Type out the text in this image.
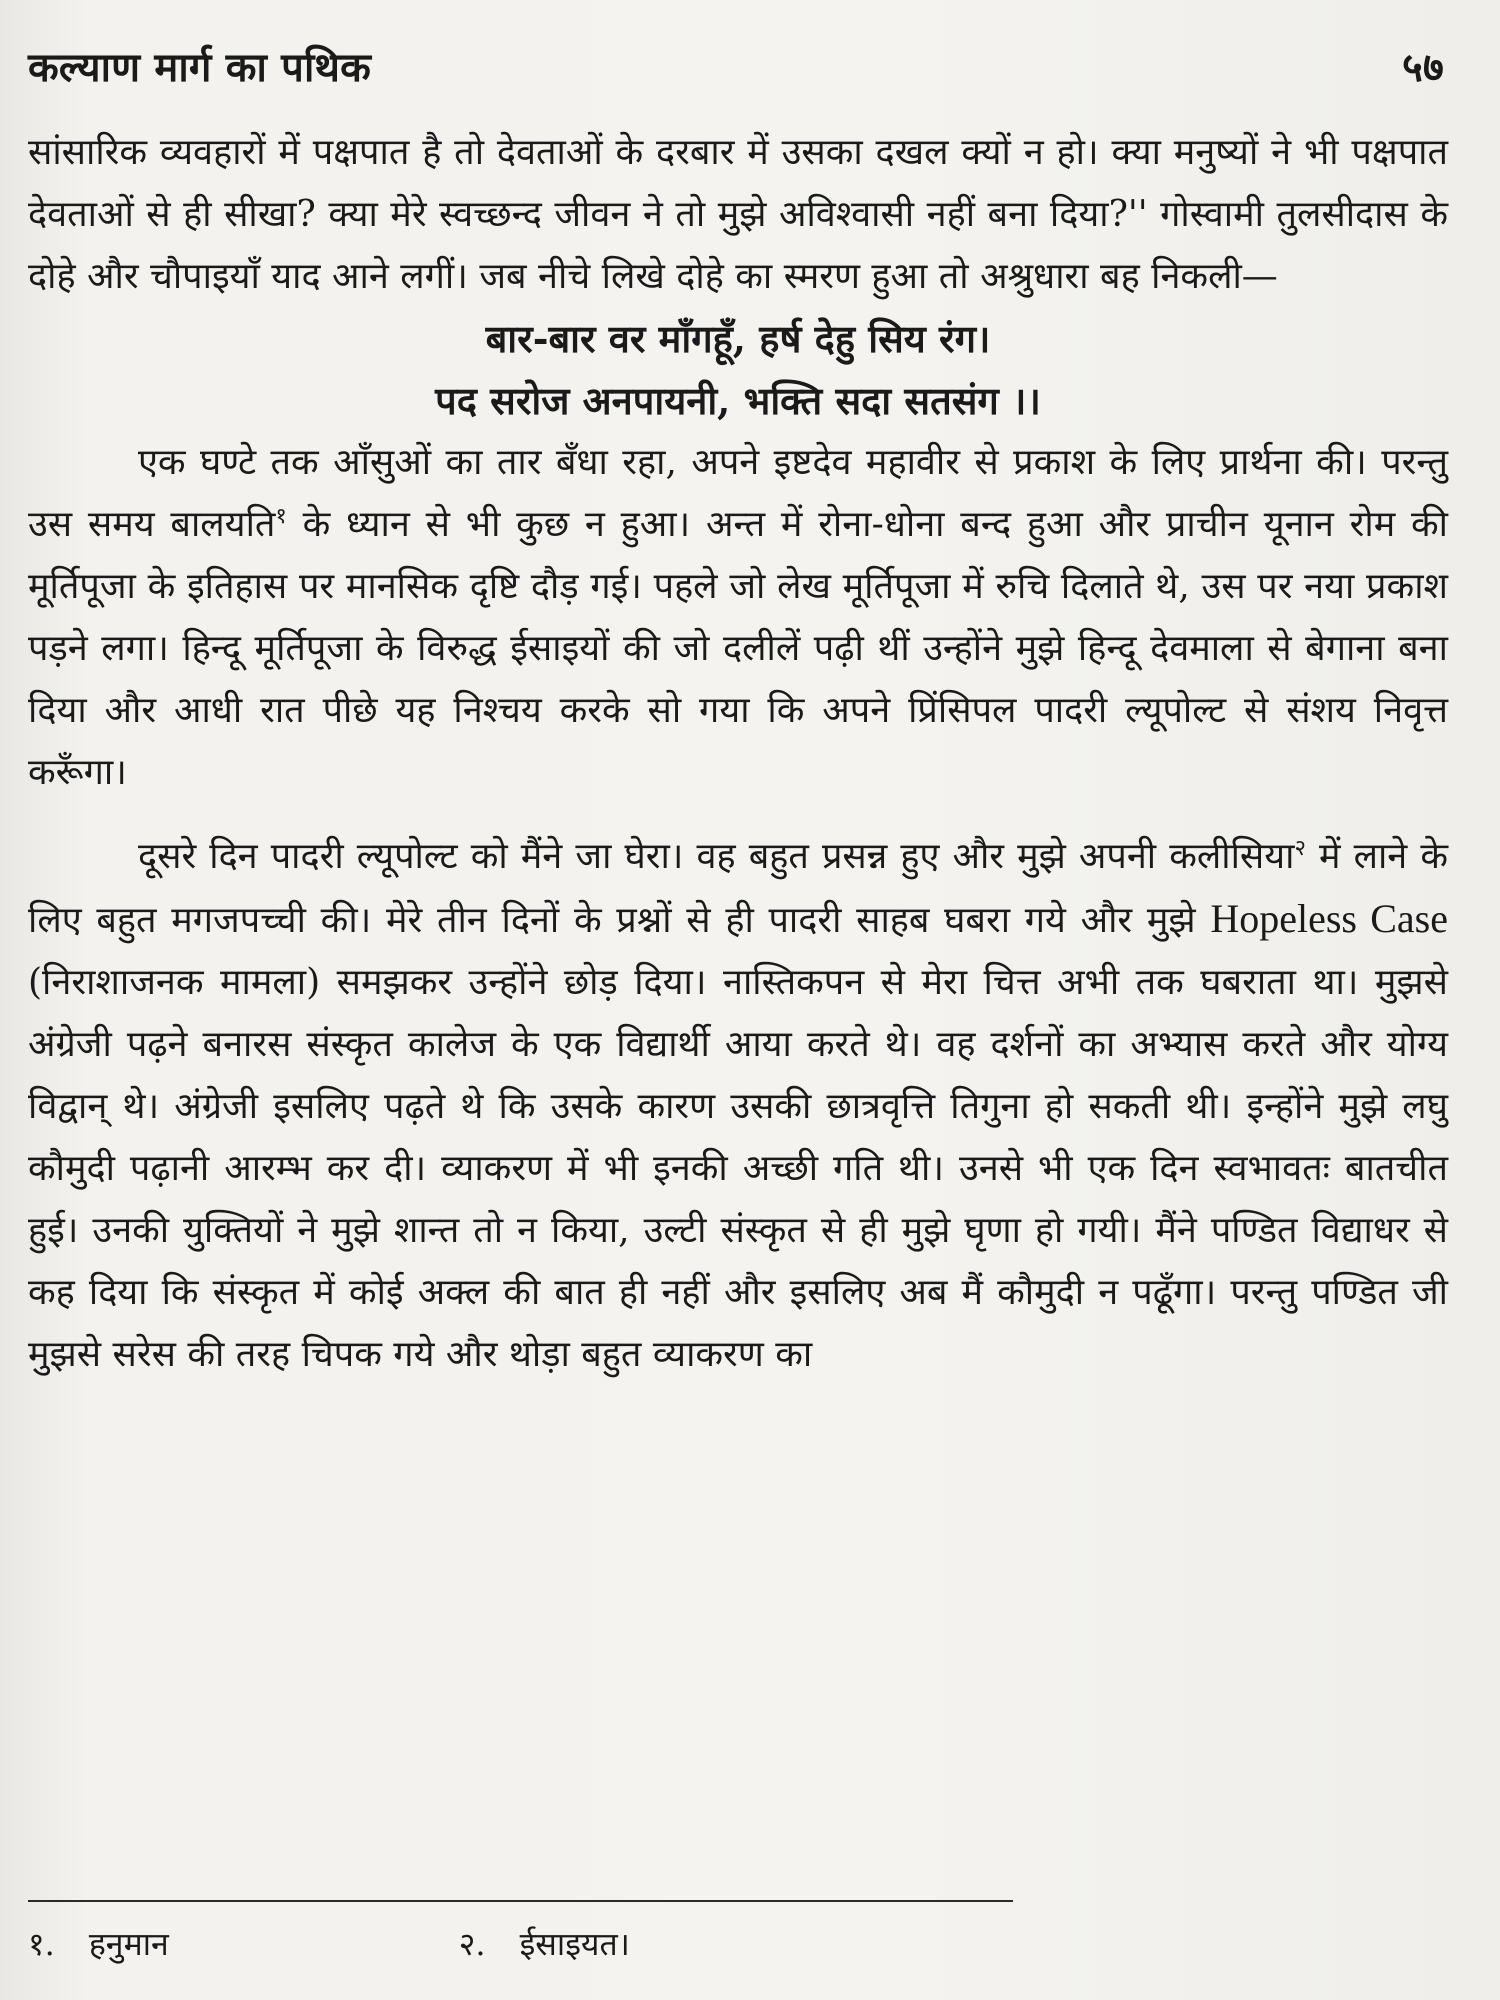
कल्याण मार्ग का पथिक	५७

सांसारिक व्यवहारों में पक्षपात है तो देवताओं के दरबार में उसका दखल क्यों न हो। क्या मनुष्यों ने भी पक्षपात देवताओं से ही सीखा? क्या मेरे स्वच्छन्द जीवन ने तो मुझे अविश्वासी नहीं बना दिया?'' गोस्वामी तुलसीदास के दोहे और चौपाइयाँ याद आने लगीं। जब नीचे लिखे दोहे का स्मरण हुआ तो अश्रुधारा बह निकली—

बार-बार वर माँगहूँ, हर्ष देहु सिय रंग।
पद सरोज अनपायनी, भक्ति सदा सतसंग ।।

एक घण्टे तक आँसुओं का तार बँधा रहा, अपने इष्टदेव महावीर से प्रकाश के लिए प्रार्थना की। परन्तु उस समय बालयति$^१$ के ध्यान से भी कुछ न हुआ। अन्त में रोना-धोना बन्द हुआ और प्राचीन यूनान रोम की मूर्तिपूजा के इतिहास पर मानसिक दृष्टि दौड़ गई। पहले जो लेख मूर्तिपूजा में रुचि दिलाते थे, उस पर नया प्रकाश पड़ने लगा। हिन्दू मूर्तिपूजा के विरुद्ध ईसाइयों की जो दलीलें पढ़ी थीं उन्होंने मुझे हिन्दू देवमाला से बेगाना बना दिया और आधी रात पीछे यह निश्चय करके सो गया कि अपने प्रिंसिपल पादरी ल्यूपोल्ट से संशय निवृत्त करूँगा।

दूसरे दिन पादरी ल्यूपोल्ट को मैंने जा घेरा। वह बहुत प्रसन्न हुए और मुझे अपनी कलीसिया$^२$ में लाने के लिए बहुत मगजपच्ची की। मेरे तीन दिनों के प्रश्नों से ही पादरी साहब घबरा गये और मुझे Hopeless Case (निराशाजनक मामला) समझकर उन्होंने छोड़ दिया। नास्तिकपन से मेरा चित्त अभी तक घबराता था। मुझसे अंग्रेजी पढ़ने बनारस संस्कृत कालेज के एक विद्यार्थी आया करते थे। वह दर्शनों का अभ्यास करते और योग्य विद्वान् थे। अंग्रेजी इसलिए पढ़ते थे कि उसके कारण उसकी छात्रवृत्ति तिगुना हो सकती थी। इन्होंने मुझे लघु कौमुदी पढ़ानी आरम्भ कर दी। व्याकरण में भी इनकी अच्छी गति थी। उनसे भी एक दिन स्वभावतः बातचीत हुई। उनकी युक्तियों ने मुझे शान्त तो न किया, उल्टी संस्कृत से ही मुझे घृणा हो गयी। मैंने पण्डित विद्याधर से कह दिया कि संस्कृत में कोई अक्ल की बात ही नहीं और इसलिए अब मैं कौमुदी न पढूँगा। परन्तु पण्डित जी मुझसे सरेस की तरह चिपक गये और थोड़ा बहुत व्याकरण का

१. हनुमान	२. ईसाइयत।
